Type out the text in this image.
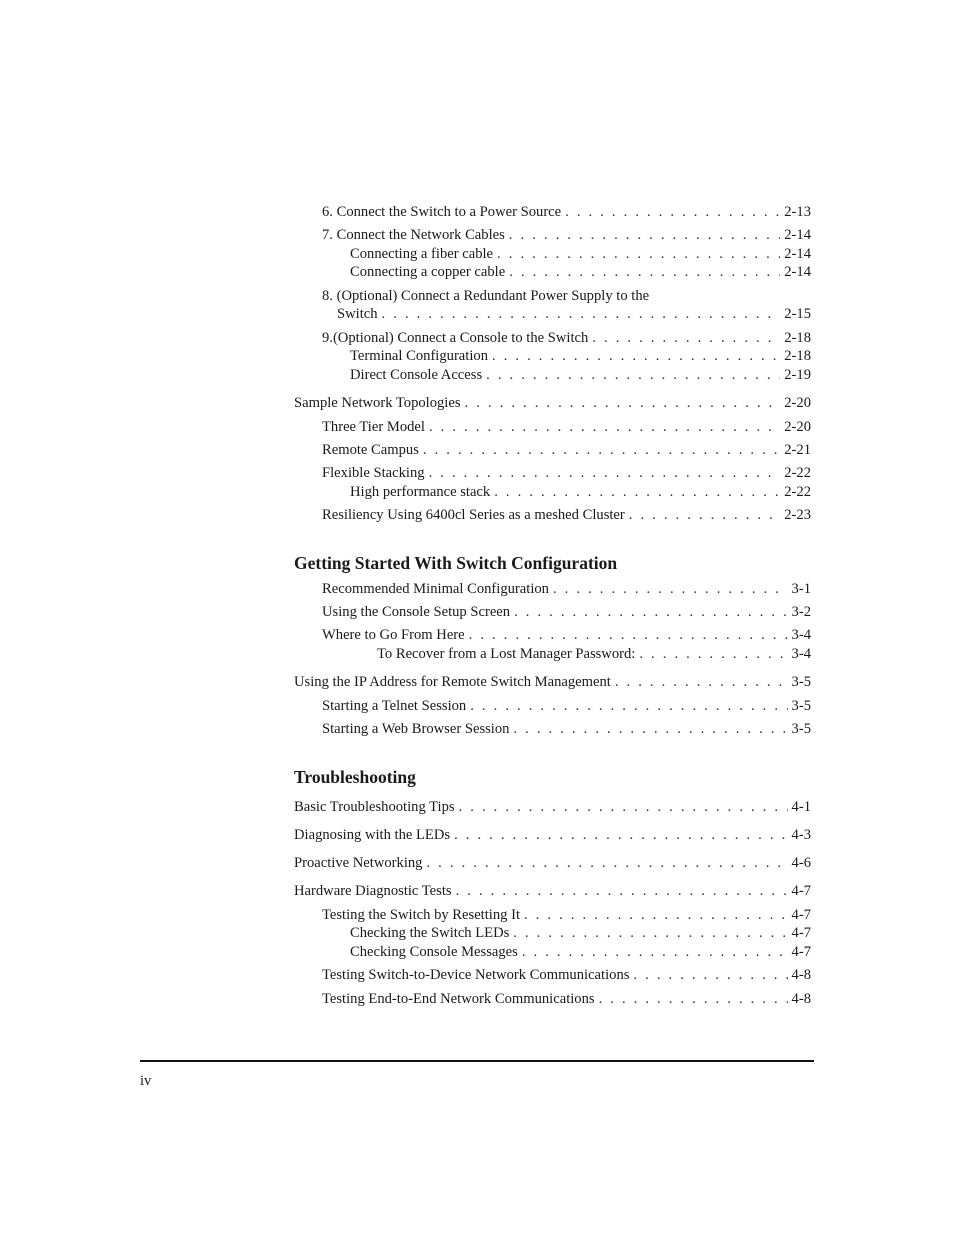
6. Connect the Switch to a Power Source . . .	2-13
7. Connect the Network Cables . . .	2-14
Connecting a fiber cable . . .	2-14
Connecting a copper cable . . .	2-14
8. (Optional) Connect a Redundant Power Supply to the
Switch . . .	2-15
9.(Optional) Connect a Console to the Switch . . .	2-18
Terminal Configuration . . .	2-18
Direct Console Access . . .	2-19
Sample Network Topologies . . .	2-20
Three Tier Model . . .	2-20
Remote Campus . . .	2-21
Flexible Stacking . . .	2-22
High performance stack . . .	2-22
Resiliency Using 6400cl Series as a meshed Cluster . . .	2-23
Getting Started With Switch Configuration
Recommended Minimal Configuration . . .	3-1
Using the Console Setup Screen . . .	3-2
Where to Go From Here . . .	3-4
To Recover from a Lost Manager Password: . . .	3-4
Using the IP Address for Remote Switch Management . . .	3-5
Starting a Telnet Session . . .	3-5
Starting a Web Browser Session . . .	3-5
Troubleshooting
Basic Troubleshooting Tips . . .	4-1
Diagnosing with the LEDs . . .	4-3
Proactive Networking . . .	4-6
Hardware Diagnostic Tests . . .	4-7
Testing the Switch by Resetting It . . .	4-7
Checking the Switch LEDs . . .	4-7
Checking Console Messages . . .	4-7
Testing Switch-to-Device Network Communications . . .	4-8
Testing End-to-End Network Communications . . .	4-8
iv
